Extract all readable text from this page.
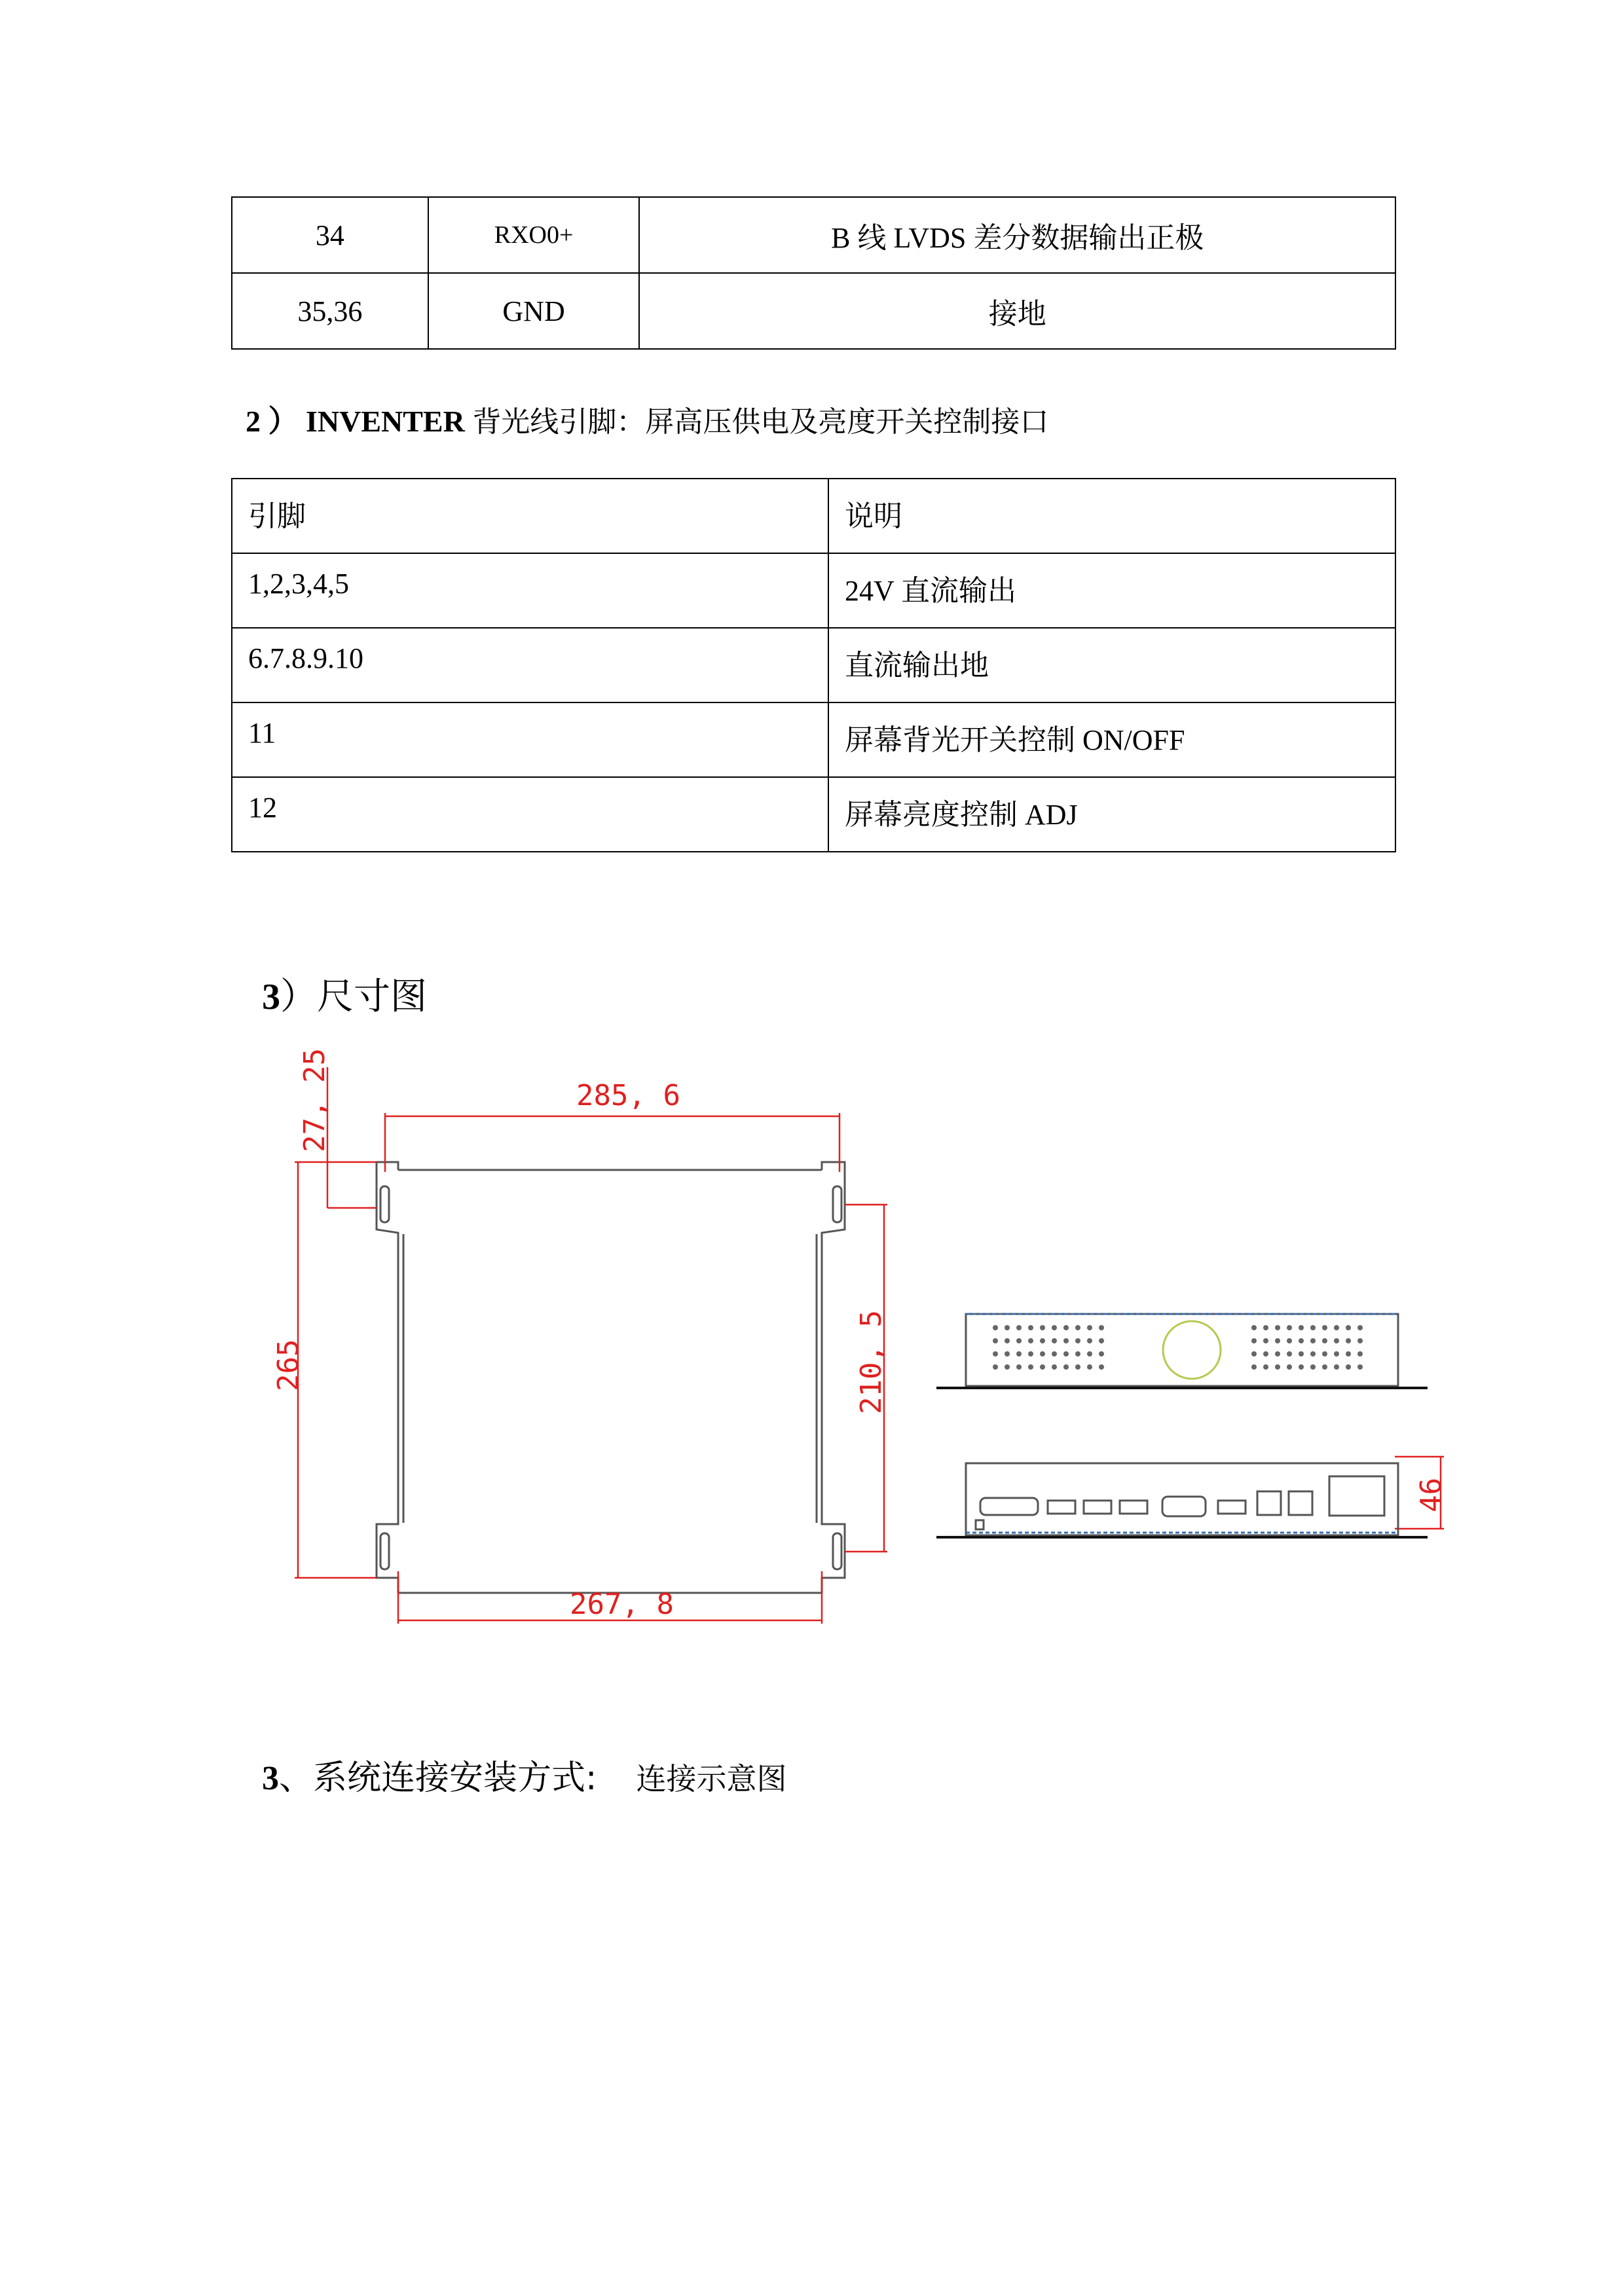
34	RXO0+	B 线 LVDS 差分数据输出正极
35,36	GND	接地
2 ） INVENTER 背光线引脚：屏高压供电及亮度开关控制接口
引脚	说明
1,2,3,4,5	24V 直流输出
6.7.8.9.10	直流输出地
11	屏幕背光开关控制 ON/OFF
12	屏幕亮度控制 ADJ
3）尺寸图
285, 6
267, 8
265	210, 5
27, 25
46
3、系统连接安装方式: 连接示意图
